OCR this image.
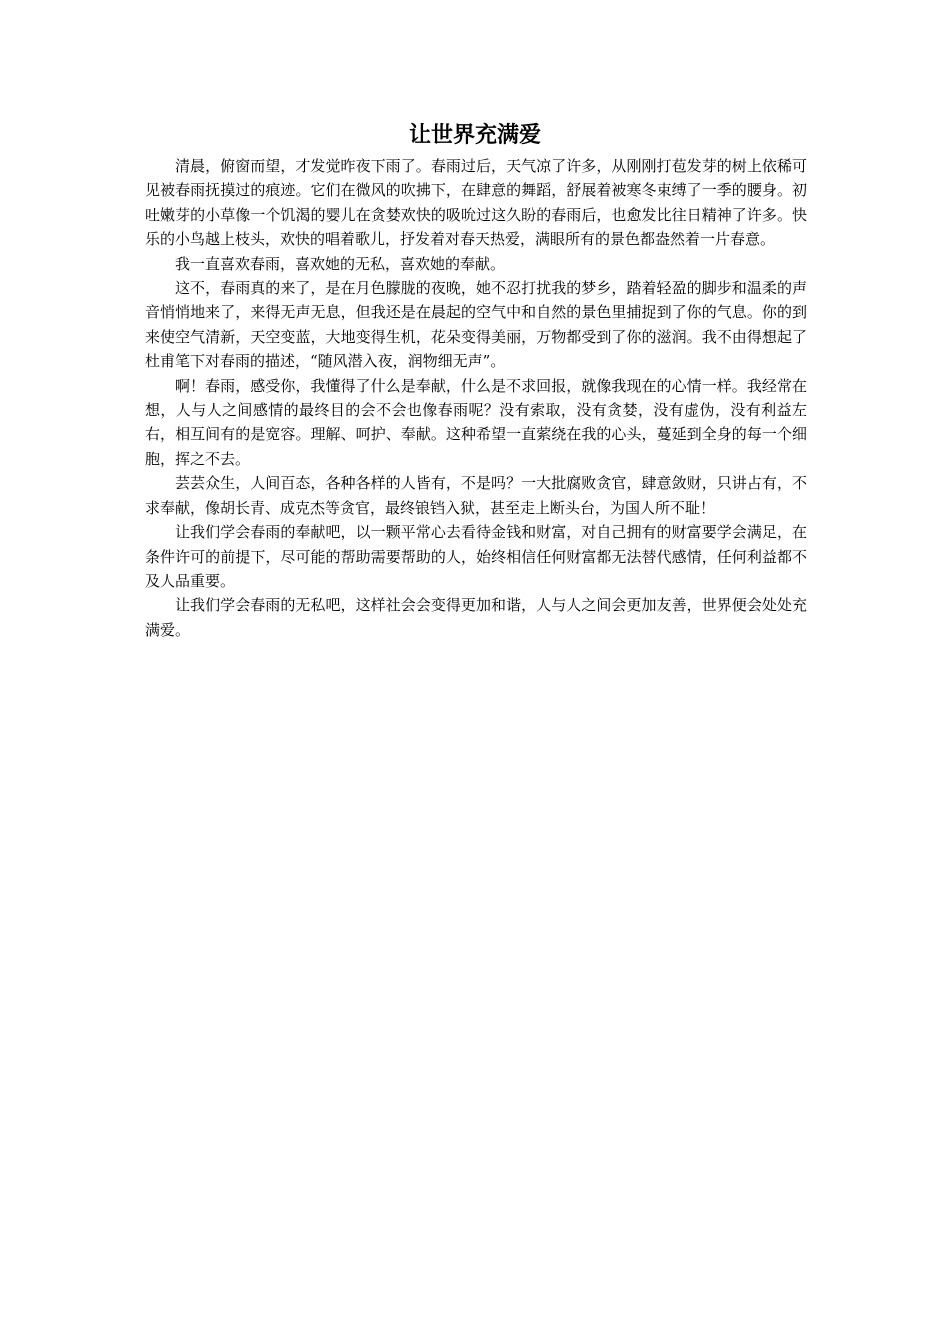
让世界充满爱

清晨，俯窗而望，才发觉昨夜下雨了。春雨过后，天气凉了许多，从刚刚打苞发芽的树上依稀可见被春雨抚摸过的痕迹。它们在微风的吹拂下，在肆意的舞蹈，舒展着被寒冬束缚了一季的腰身。初吐嫩芽的小草像一个饥渴的婴儿在贪婪欢快的吸吮过这久盼的春雨后，也愈发比往日精神了许多。快乐的小鸟越上枝头，欢快的唱着歌儿，抒发着对春天热爱，满眼所有的景色都盎然着一片春意。

我一直喜欢春雨，喜欢她的无私，喜欢她的奉献。

这不，春雨真的来了，是在月色朦胧的夜晚，她不忍打扰我的梦乡，踏着轻盈的脚步和温柔的声音悄悄地来了，来得无声无息，但我还是在晨起的空气中和自然的景色里捕捉到了你的气息。你的到来使空气清新，天空变蓝，大地变得生机，花朵变得美丽，万物都受到了你的滋润。我不由得想起了杜甫笔下对春雨的描述，“随风潜入夜，润物细无声”。

啊！春雨，感受你，我懂得了什么是奉献，什么是不求回报，就像我现在的心情一样。我经常在想，人与人之间感情的最终目的会不会也像春雨呢？没有索取，没有贪婪，没有虚伪，没有利益左右，相互间有的是宽容。理解、呵护、奉献。这种希望一直萦绕在我的心头，蔓延到全身的每一个细胞，挥之不去。

芸芸众生，人间百态，各种各样的人皆有，不是吗？一大批腐败贪官，肆意敛财，只讲占有，不求奉献，像胡长青、成克杰等贪官，最终锒铛入狱，甚至走上断头台，为国人所不耻！

让我们学会春雨的奉献吧，以一颗平常心去看待金钱和财富，对自己拥有的财富要学会满足，在条件许可的前提下，尽可能的帮助需要帮助的人，始终相信任何财富都无法替代感情，任何利益都不及人品重要。

让我们学会春雨的无私吧，这样社会会变得更加和谐，人与人之间会更加友善，世界便会处处充满爱。
